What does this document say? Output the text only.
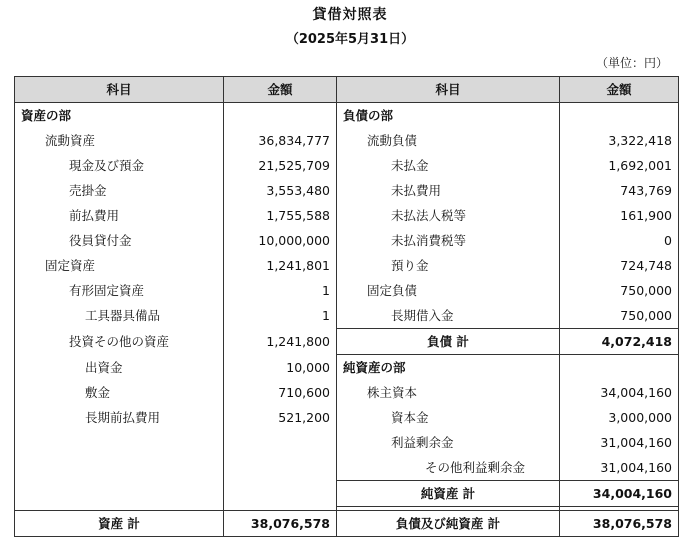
貸借対照表
（2025年5月31日）
（単位：円）
科目	金額	科目	金額
資産の部		負債の部	
流動資産	36,834,777	流動負債	3,322,418
現金及び預金	21,525,709	未払金	1,692,001
売掛金	3,553,480	未払費用	743,769
前払費用	1,755,588	未払法人税等	161,900
役員貸付金	10,000,000	未払消費税等	0
固定資産	1,241,801	預り金	724,748
有形固定資産	1	固定負債	750,000
工具器具備品	1	長期借入金	750,000
投資その他の資産	1,241,800	負債 計	4,072,418
出資金	10,000	純資産の部	
敷金	710,600	株主資本	34,004,160
長期前払費用	521,200	資本金	3,000,000
		利益剰余金	31,004,160
		その他利益剰余金	31,004,160
		純資産 計	34,004,160

資産 計	38,076,578	負債及び純資産 計	38,076,578
